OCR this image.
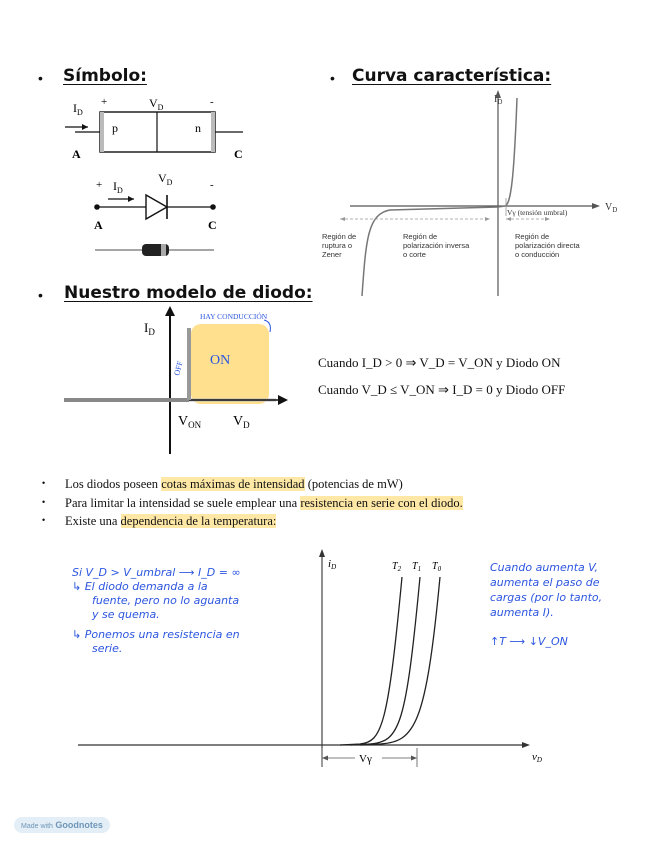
• Símbolo:	• Curva característica:
• Nuestro modelo de diodo:
$I_D$
+	$V_D$	-
p	n
A	C
+ $I_D$
$V_D$	-
A	C
$I_D$
$V_D$
Vγ (tensión umbral)
Región de
ruptura o
Zener
Región de
polarización inversa
o corte
Región de
polarización directa
o conducción
$I_D$
$V_{ON}$ $V_D$
ON
OFF
HAY CONDUCCIÓN
Cuando I_D > 0 ⇒ V_D = V_ON y Diodo ON
Cuando V_D ≤ V_ON ⇒ I_D = 0 y Diodo OFF
• Los diodos poseen cotas máximas de intensidad (potencias de mW)
• Para limitar la intensidad se suele emplear una resistencia en serie con el diodo.
• Existe una dependencia de la temperatura:
iD
vD
$T_2$ $T_1$ $T_0$
Vγ
Si V_D > V_umbral ⟶ I_D = ∞
↳ El diodo demanda a la
fuente, pero no lo aguanta
y se quema.
↳ Ponemos una resistencia en
serie.
Cuando aumenta V,
aumenta el paso de
cargas (por lo tanto,
aumenta I).
↑T ⟶ ↓V_ON
Made with Goodnotes
